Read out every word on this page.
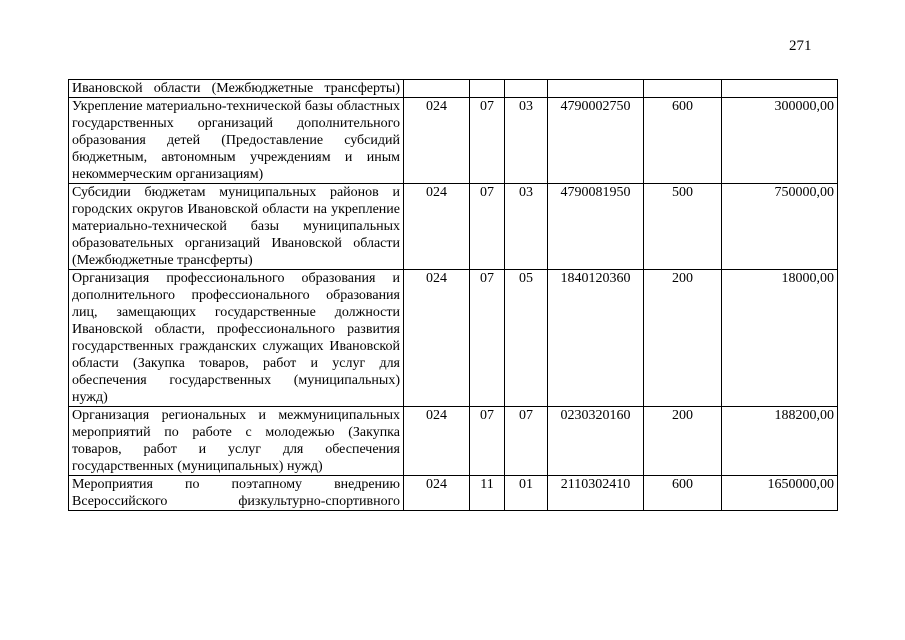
271
Ивановской области (Межбюджетные трансферты)						
Укрепление материально-технической базы областных государственных организаций дополнительного образования детей (Предоставление субсидий бюджетным, автономным учреждениям и иным некоммерческим организациям)	024	07	03	4790002750	600	300000,00
Субсидии бюджетам муниципальных районов и городских округов Ивановской области на укрепление материально-технической базы муниципальных образовательных организаций Ивановской области (Межбюджетные трансферты)	024	07	03	4790081950	500	750000,00
Организация профессионального образования и дополнительного профессионального образования лиц, замещающих государственные должности Ивановской области, профессионального развития государственных гражданских служащих Ивановской области (Закупка товаров, работ и услуг для обеспечения государственных (муниципальных) нужд)	024	07	05	1840120360	200	18000,00
Организация региональных и межмуниципальных мероприятий по работе с молодежью (Закупка товаров, работ и услуг для обеспечения государственных (муниципальных) нужд)	024	07	07	0230320160	200	188200,00
Мероприятия по поэтапному внедрению Всероссийского физкультурно-спортивного	024	11	01	2110302410	600	1650000,00
